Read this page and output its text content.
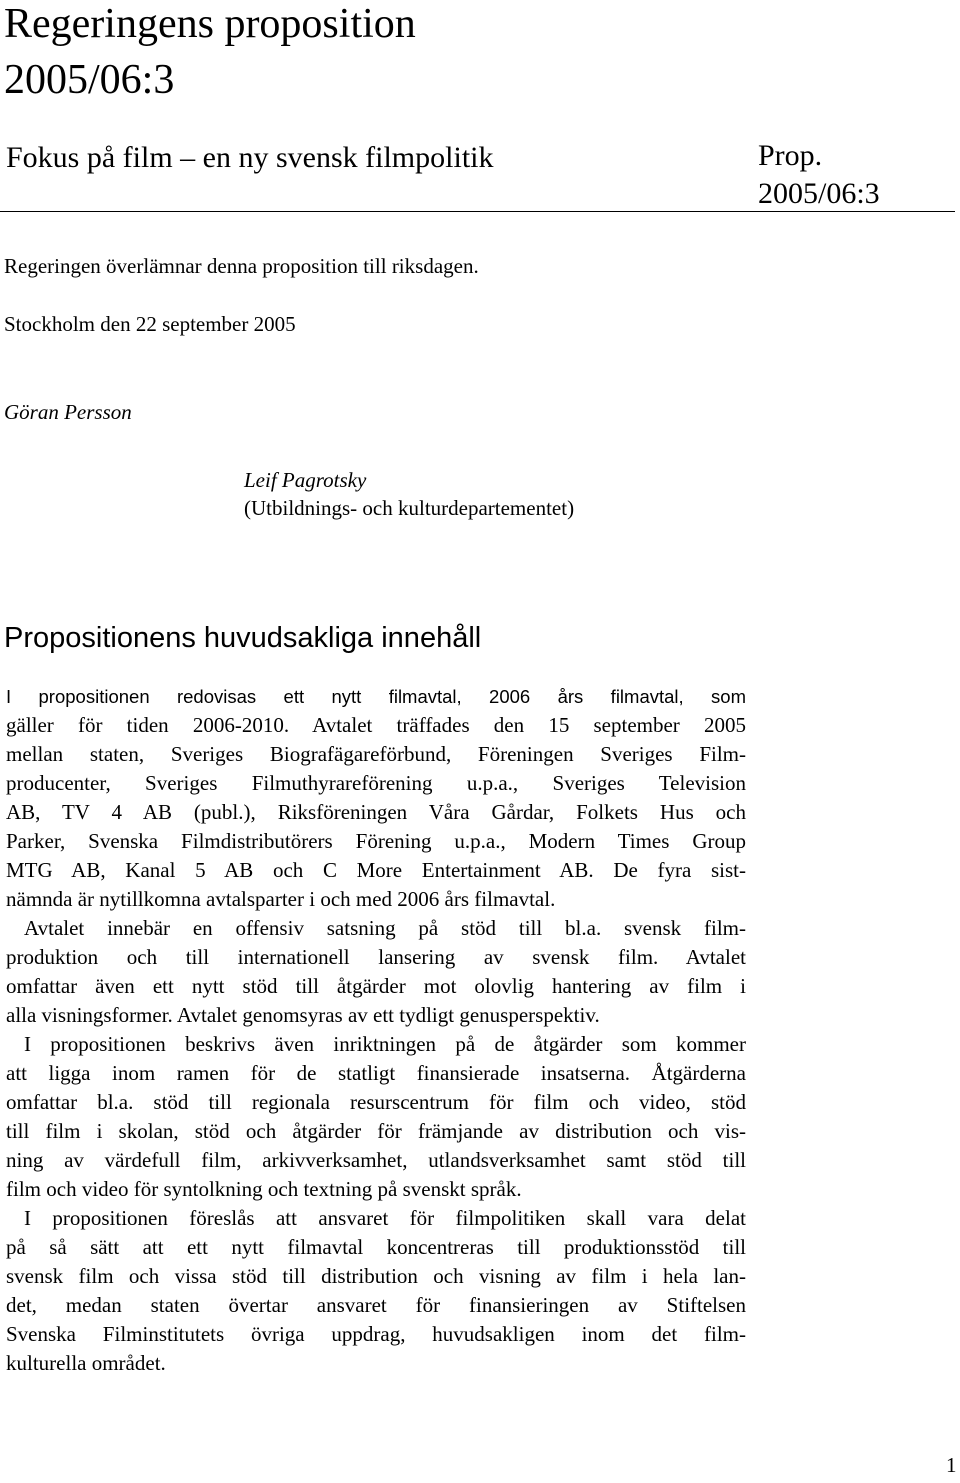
Regeringens proposition
2005/06:3
Fokus på film – en ny svensk filmpolitik	Prop.
2005/06:3
Regeringen överlämnar denna proposition till riksdagen.
Stockholm den 22 september 2005
Göran Persson
Leif Pagrotsky
(Utbildnings- och kulturdepartementet)
Propositionens huvudsakliga innehåll
I propositionen redovisas ett nytt filmavtal, 2006 års filmavtal, som
gäller för tiden 2006-2010. Avtalet träffades den 15 september 2005
mellan staten, Sveriges Biografägareförbund, Föreningen Sveriges Film-
producenter, Sveriges Filmuthyrareförening u.p.a., Sveriges Television
AB, TV 4 AB (publ.), Riksföreningen Våra Gårdar, Folkets Hus och
Parker, Svenska Filmdistributörers Förening u.p.a., Modern Times Group
MTG AB, Kanal 5 AB och C More Entertainment AB. De fyra sist-
nämnda är nytillkomna avtalsparter i och med 2006 års filmavtal.
Avtalet innebär en offensiv satsning på stöd till bl.a. svensk film-
produktion och till internationell lansering av svensk film. Avtalet
omfattar även ett nytt stöd till åtgärder mot olovlig hantering av film i
alla visningsformer. Avtalet genomsyras av ett tydligt genusperspektiv.
I propositionen beskrivs även inriktningen på de åtgärder som kommer
att ligga inom ramen för de statligt finansierade insatserna. Åtgärderna
omfattar bl.a. stöd till regionala resurscentrum för film och video, stöd
till film i skolan, stöd och åtgärder för främjande av distribution och vis-
ning av värdefull film, arkivverksamhet, utlandsverksamhet samt stöd till
film och video för syntolkning och textning på svenskt språk.
I propositionen föreslås att ansvaret för filmpolitiken skall vara delat
på så sätt att ett nytt filmavtal koncentreras till produktionsstöd till
svensk film och vissa stöd till distribution och visning av film i hela lan-
det, medan staten övertar ansvaret för finansieringen av Stiftelsen
Svenska Filminstitutets övriga uppdrag, huvudsakligen inom det film-
kulturella området.
1
